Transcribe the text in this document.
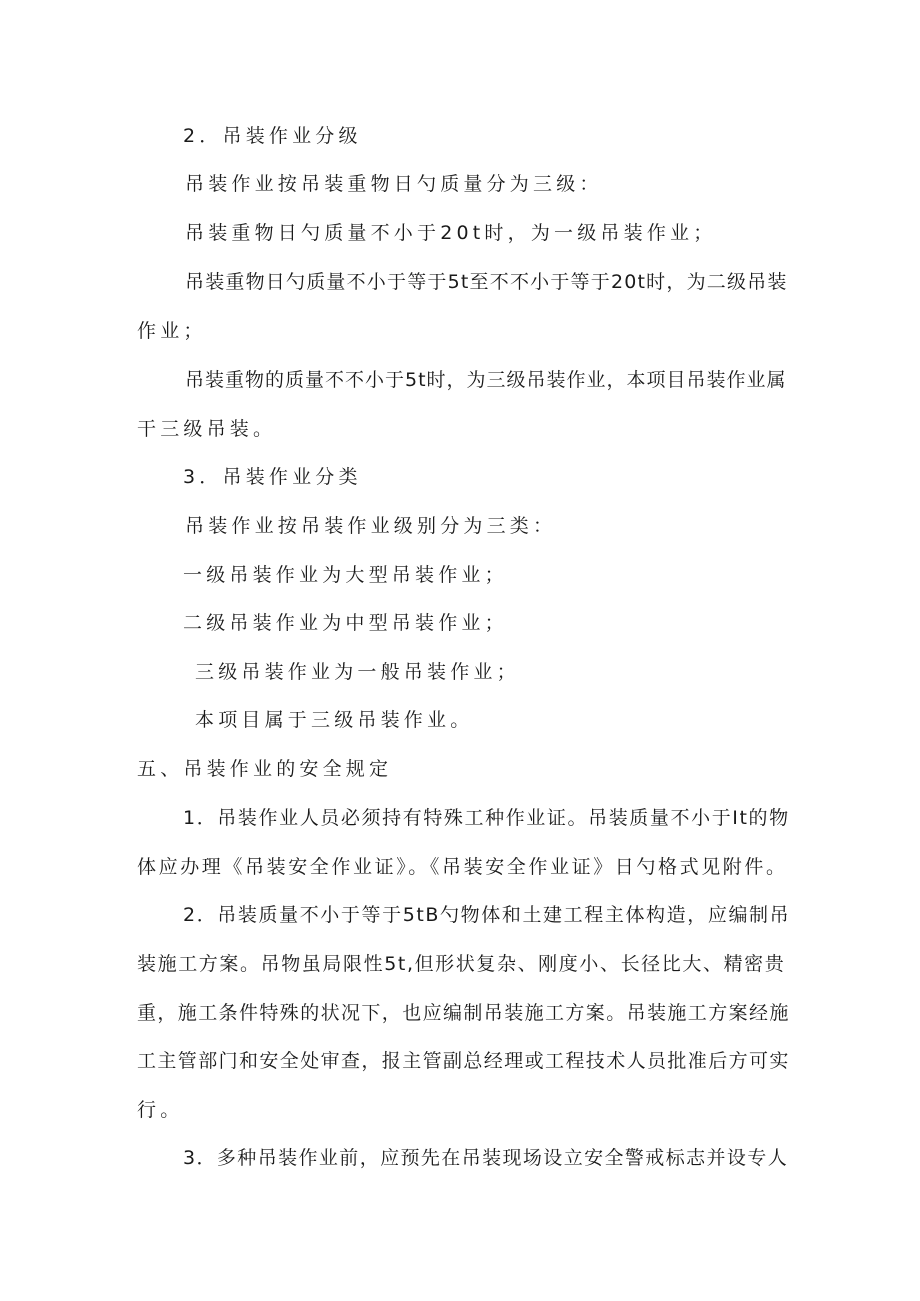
2．吊装作业分级
吊装作业按吊装重物日勺质量分为三级：
吊装重物日勺质量不小于20t时，为一级吊装作业；
吊装重物日勺质量不小于等于5t至不不小于等于20t时，为二级吊装
作业；
吊装重物的质量不不小于5t时，为三级吊装作业，本项目吊装作业属
干三级吊装。
3．吊装作业分类
吊装作业按吊装作业级别分为三类：
一级吊装作业为大型吊装作业；
二级吊装作业为中型吊装作业；
三级吊装作业为一般吊装作业；
本项目属于三级吊装作业。
五、吊装作业的安全规定
1．吊装作业人员必须持有特殊工种作业证。吊装质量不小于It的物
体应办理《吊装安全作业证》。《吊装安全作业证》日勺格式见附件。
2．吊装质量不小于等于5tB勺物体和土建工程主体构造，应编制吊
装施工方案。吊物虽局限性5t,但形状复杂、刚度小、长径比大、精密贵
重，施工条件特殊的状况下，也应编制吊装施工方案。吊装施工方案经施
工主管部门和安全处审查，报主管副总经理或工程技术人员批准后方可实
行。
3．多种吊装作业前，应预先在吊装现场设立安全警戒标志并设专人
